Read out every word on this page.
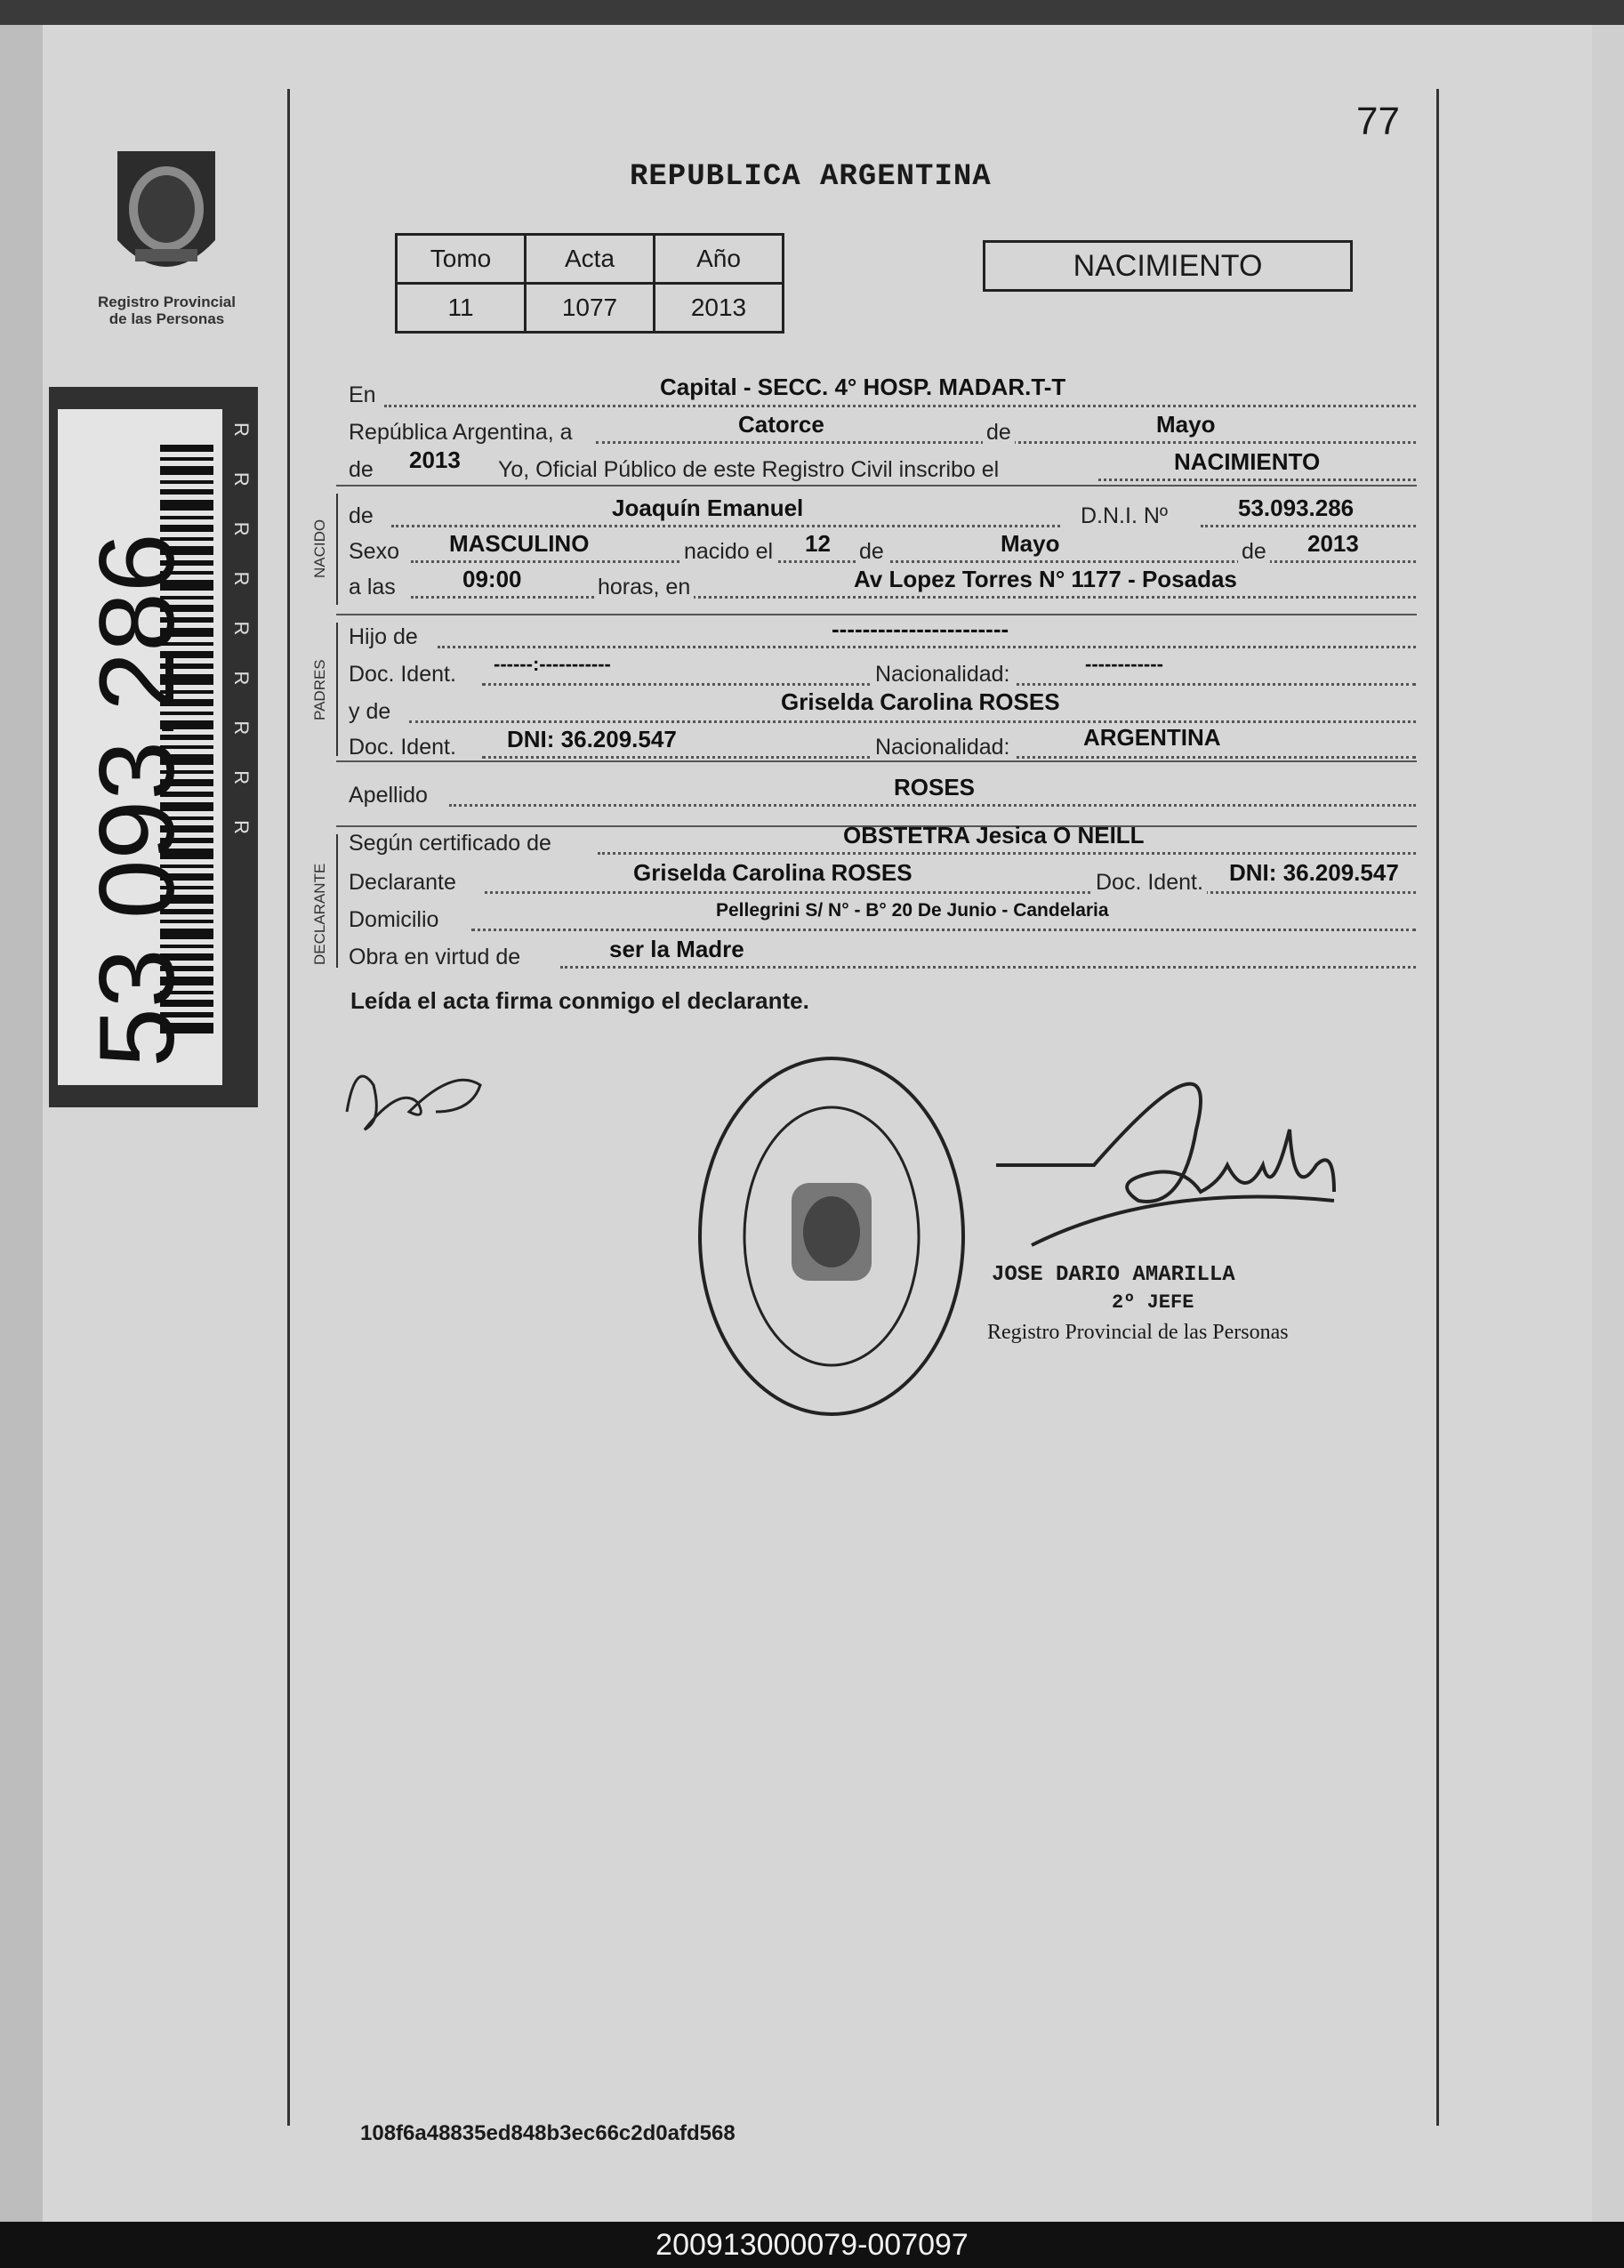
77
REPUBLICA ARGENTINA
Registro Provincial de las Personas
53.093.286 RRRRRRRRR
Tomo	Acta	Año
11	1077	2013
NACIMIENTO
NACIDO
PADRES
DECLARANTE
En	Capital - SECC. 4° HOSP. MADAR.T-T
República Argentina, a	Catorce	de	Mayo
de 2013 Yo, Oficial Público de este Registro Civil inscribo el	NACIMIENTO
de	Joaquín Emanuel	D.N.I. Nº	53.093.286
Sexo MASCULINO	nacido el 12 de	Mayo	de 2013
a las	09:00	horas, en	Av Lopez Torres N° 1177 - Posadas
Hijo de	-----------------------
Doc. Ident. ------:-----------	Nacionalidad:	------------
y de	Griselda Carolina ROSES
Doc. Ident. DNI: 36.209.547	Nacionalidad:	ARGENTINA
Apellido	ROSES
Según certificado de	OBSTETRA Jesica O NEILL
Declarante	Griselda Carolina ROSES	Doc. Ident. DNI: 36.209.547
Domicilio	Pellegrini S/ N° - B° 20 De Junio - Candelaria
Obra en virtud de	ser la Madre
Leída el acta firma conmigo el declarante.
JOSE DARIO AMARILLA
2º JEFE
Registro Provincial de las Personas
108f6a48835ed848b3ec66c2d0afd568
200913000079-007097
